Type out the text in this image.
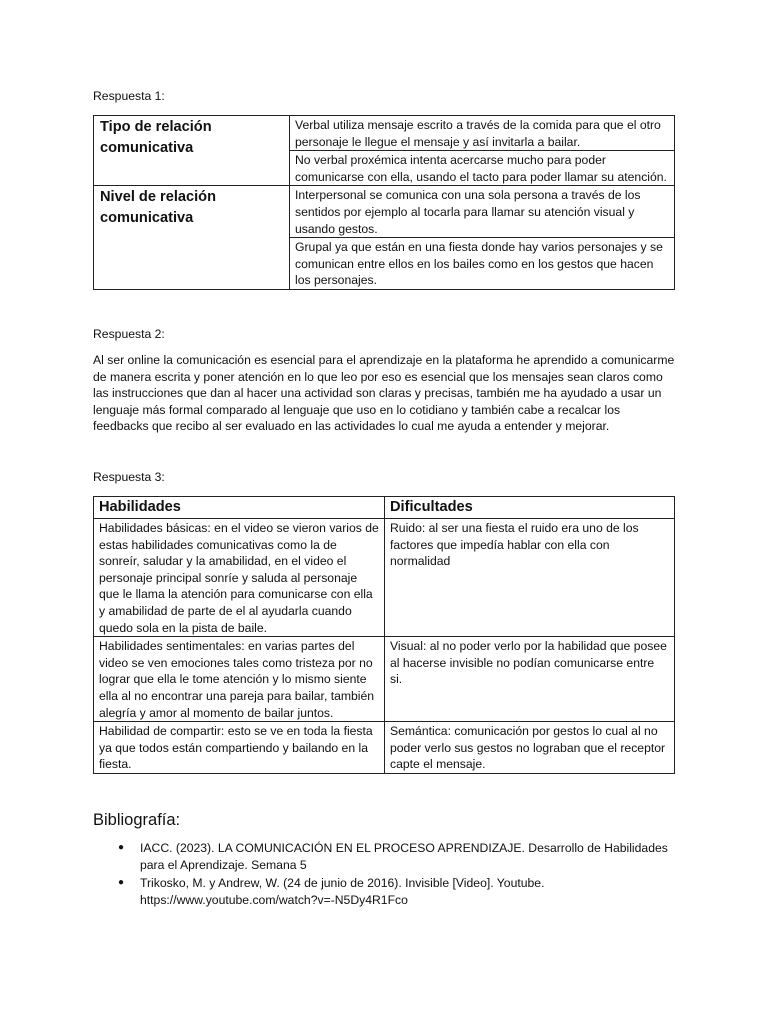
Respuesta 1:

Tipo de relación comunicativa	Verbal utiliza mensaje escrito a través de la comida para que el otro personaje le llegue el mensaje y así invitarla a bailar.
	No verbal proxémica intenta acercarse mucho para poder comunicarse con ella, usando el tacto para poder llamar su atención.
Nivel de relación comunicativa	Interpersonal se comunica con una sola persona a través de los sentidos por ejemplo al tocarla para llamar su atención visual y usando gestos.
	Grupal ya que están en una fiesta donde hay varios personajes y se comunican entre ellos en los bailes como en los gestos que hacen los personajes.

Respuesta 2:

Al ser online la comunicación es esencial para el aprendizaje en la plataforma he aprendido a comunicarme de manera escrita y poner atención en lo que leo por eso es esencial que los mensajes sean claros como las instrucciones que dan al hacer una actividad son claras y precisas, también me ha ayudado a usar un lenguaje más formal comparado al lenguaje que uso en lo cotidiano y también cabe a recalcar los feedbacks que recibo al ser evaluado en las actividades lo cual me ayuda a entender y mejorar.

Respuesta 3:

Habilidades	Dificultades
Habilidades básicas: en el video se vieron varios de estas habilidades comunicativas como la de sonreír, saludar y la amabilidad, en el video el personaje principal sonríe y saluda al personaje que le llama la atención para comunicarse con ella y amabilidad de parte de el al ayudarla cuando quedo sola en la pista de baile.	Ruido: al ser una fiesta el ruido era uno de los factores que impedía hablar con ella con normalidad
Habilidades sentimentales: en varias partes del video se ven emociones tales como tristeza por no lograr que ella le tome atención y lo mismo siente ella al no encontrar una pareja para bailar, también alegría y amor al momento de bailar juntos.	Visual: al no poder verlo por la habilidad que posee al hacerse invisible no podían comunicarse entre si.
Habilidad de compartir: esto se ve en toda la fiesta ya que todos están compartiendo y bailando en la fiesta.	Semántica: comunicación por gestos lo cual al no poder verlo sus gestos no lograban que el receptor capte el mensaje.
Bibliografía:
● IACC. (2023). LA COMUNICACIÓN EN EL PROCESO APRENDIZAJE. Desarrollo de Habilidades para el Aprendizaje. Semana 5
● Trikosko, M. y Andrew, W. (24 de junio de 2016). Invisible [Video]. Youtube. https://www.youtube.com/watch?v=-N5Dy4R1Fco
